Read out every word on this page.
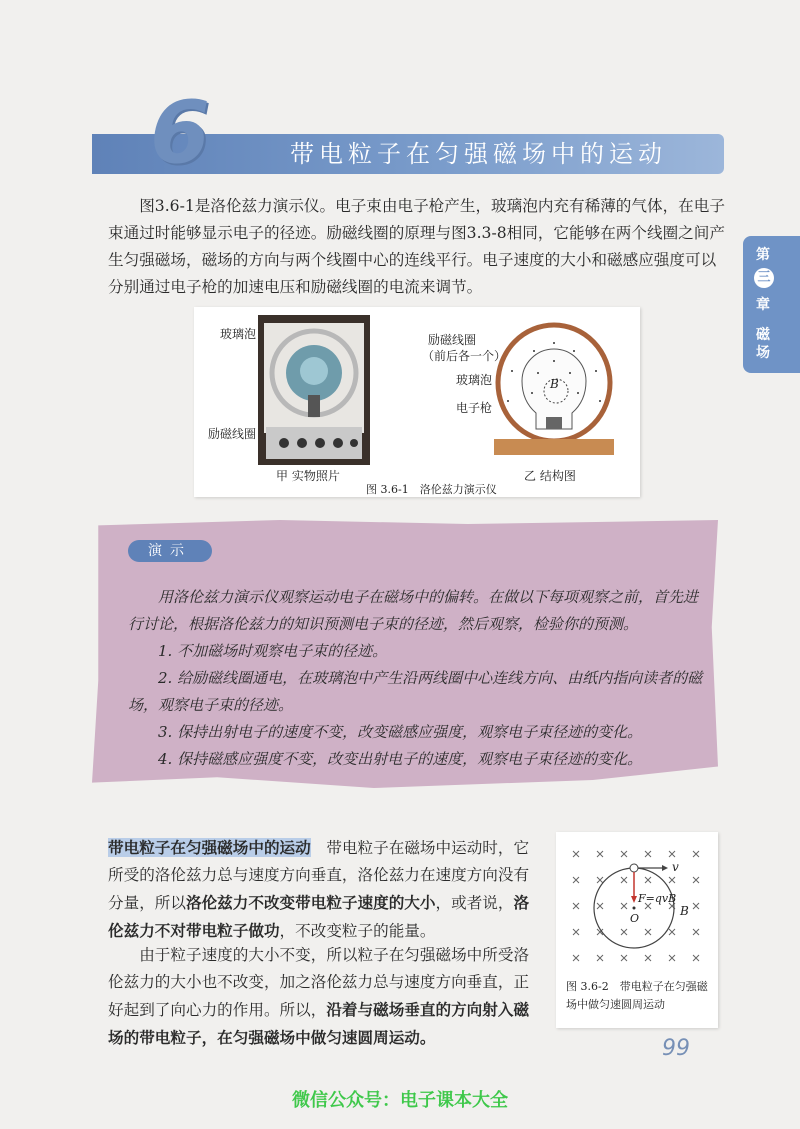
6	带电粒子在匀强磁场中的运动
第
三
章
磁
场
图3.6-1是洛伦兹力演示仪。电子束由电子枪产生，玻璃泡内充有稀薄的气体，在电子束通过时能够显示电子的径迹。励磁线圈的原理与图3.3-8相同，它能够在两个线圈之间产生匀强磁场，磁场的方向与两个线圈中心的连线平行。电子速度的大小和磁感应强度可以分别通过电子枪的加速电压和励磁线圈的电流来调节。
玻璃泡
励磁线圈
甲 实物照片
励磁线圈
（前后各一个）
玻璃泡
电子枪
B
乙 结构图
图 3.6-1　洛伦兹力演示仪
演示
用洛伦兹力演示仪观察运动电子在磁场中的偏转。在做以下每项观察之前，首先进行讨论，根据洛伦兹力的知识预测电子束的径迹，然后观察，检验你的预测。
1. 不加磁场时观察电子束的径迹。
2. 给励磁线圈通电，在玻璃泡中产生沿两线圈中心连线方向、由纸内指向读者的磁场，观察电子束的径迹。
3. 保持出射电子的速度不变，改变磁感应强度，观察电子束径迹的变化。
4. 保持磁感应强度不变，改变出射电子的速度，观察电子束径迹的变化。
带电粒子在匀强磁场中的运动　 带电粒子在磁场中运动时，它所受的洛伦兹力总与速度方向垂直，洛伦兹力在速度方向没有分量，所以洛伦兹力不改变带电粒子速度的大小，或者说，洛伦兹力不对带电粒子做功，不改变粒子的能量。
由于粒子速度的大小不变，所以粒子在匀强磁场中所受洛伦兹力的大小也不改变，加之洛伦兹力总与速度方向垂直，正好起到了向心力的作用。所以，沿着与磁场垂直的方向射入磁场的带电粒子，在匀强磁场中做匀速圆周运动。
v
F=qvB
O
B
图 3.6-2　带电粒子在匀强磁场中做匀速圆周运动
99
微信公众号：电子课本大全
